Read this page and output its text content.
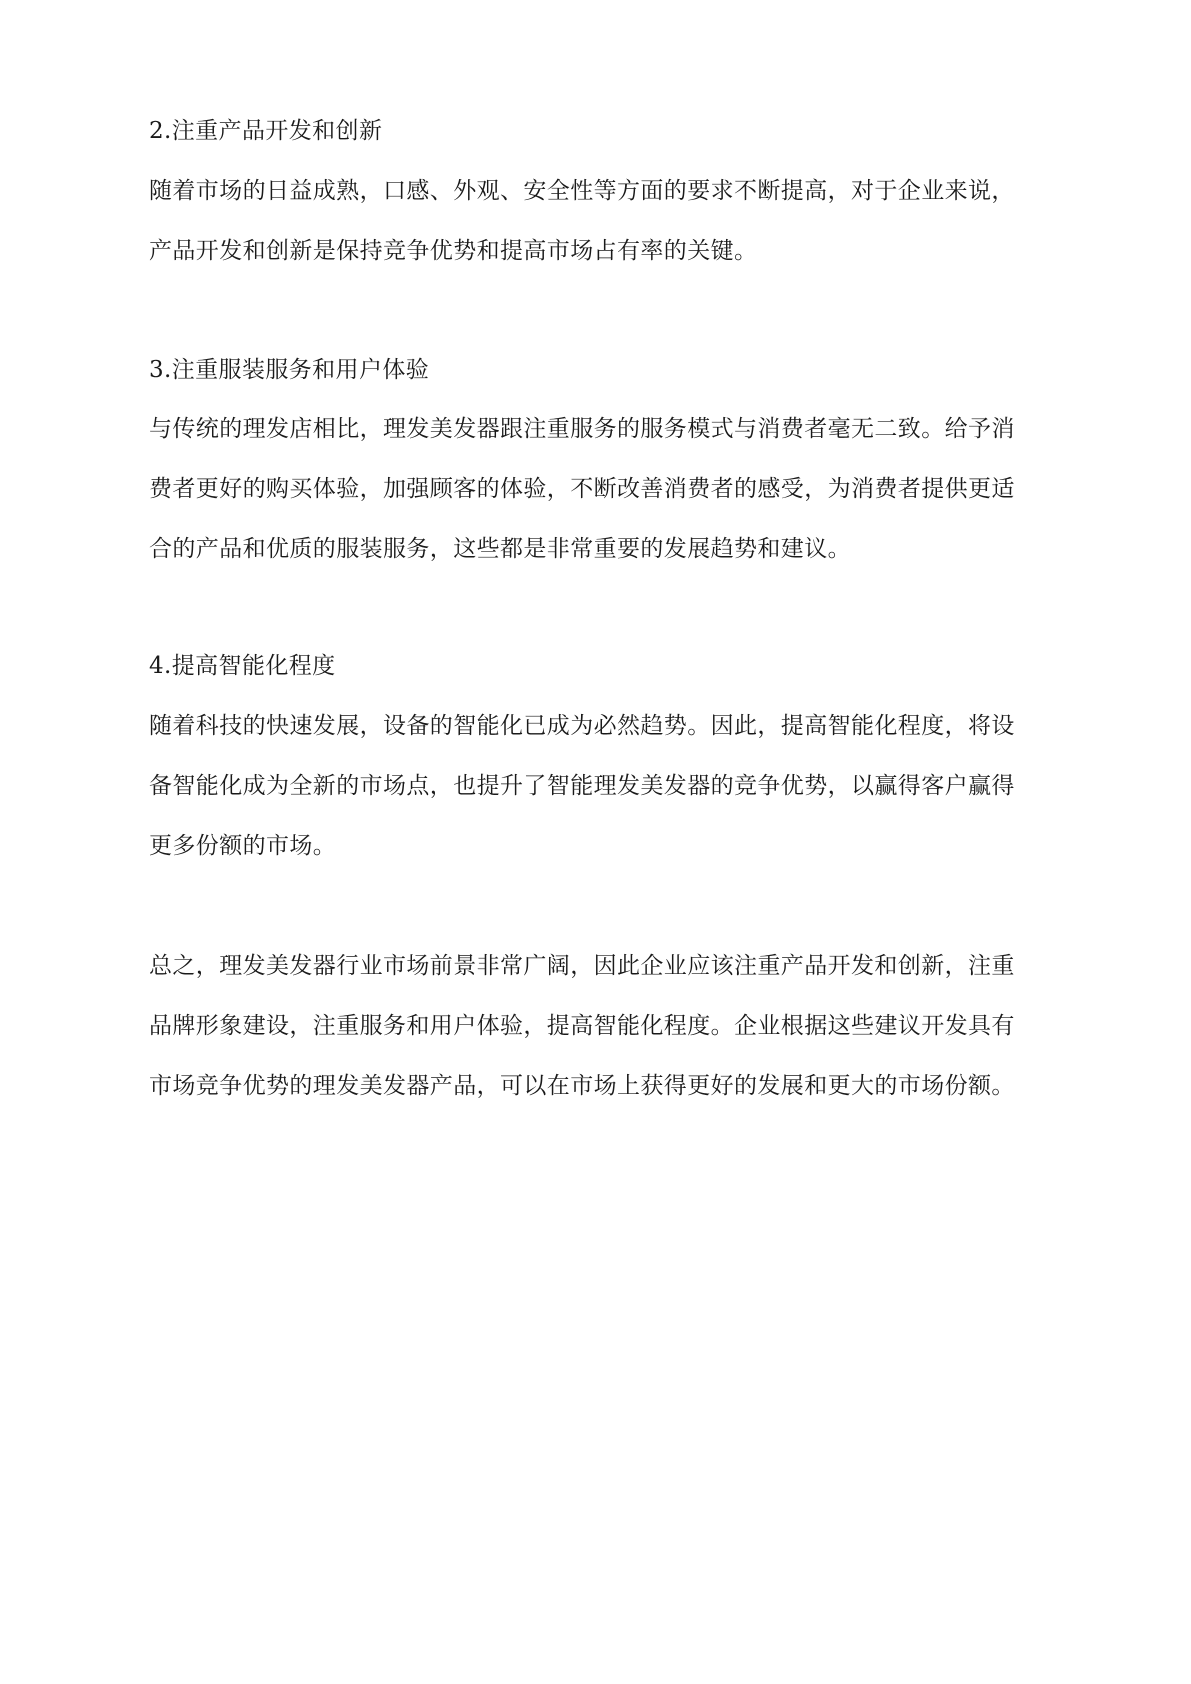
2.注重产品开发和创新
随着市场的日益成熟，口感、外观、安全性等方面的要求不断提高，对于企业来说，
产品开发和创新是保持竞争优势和提高市场占有率的关键。
3.注重服装服务和用户体验
与传统的理发店相比，理发美发器跟注重服务的服务模式与消费者毫无二致。给予消
费者更好的购买体验，加强顾客的体验，不断改善消费者的感受，为消费者提供更适
合的产品和优质的服装服务，这些都是非常重要的发展趋势和建议。
4.提高智能化程度
随着科技的快速发展，设备的智能化已成为必然趋势。因此，提高智能化程度，将设
备智能化成为全新的市场点，也提升了智能理发美发器的竞争优势，以赢得客户赢得
更多份额的市场。
总之，理发美发器行业市场前景非常广阔，因此企业应该注重产品开发和创新，注重
品牌形象建设，注重服务和用户体验，提高智能化程度。企业根据这些建议开发具有
市场竞争优势的理发美发器产品，可以在市场上获得更好的发展和更大的市场份额。
